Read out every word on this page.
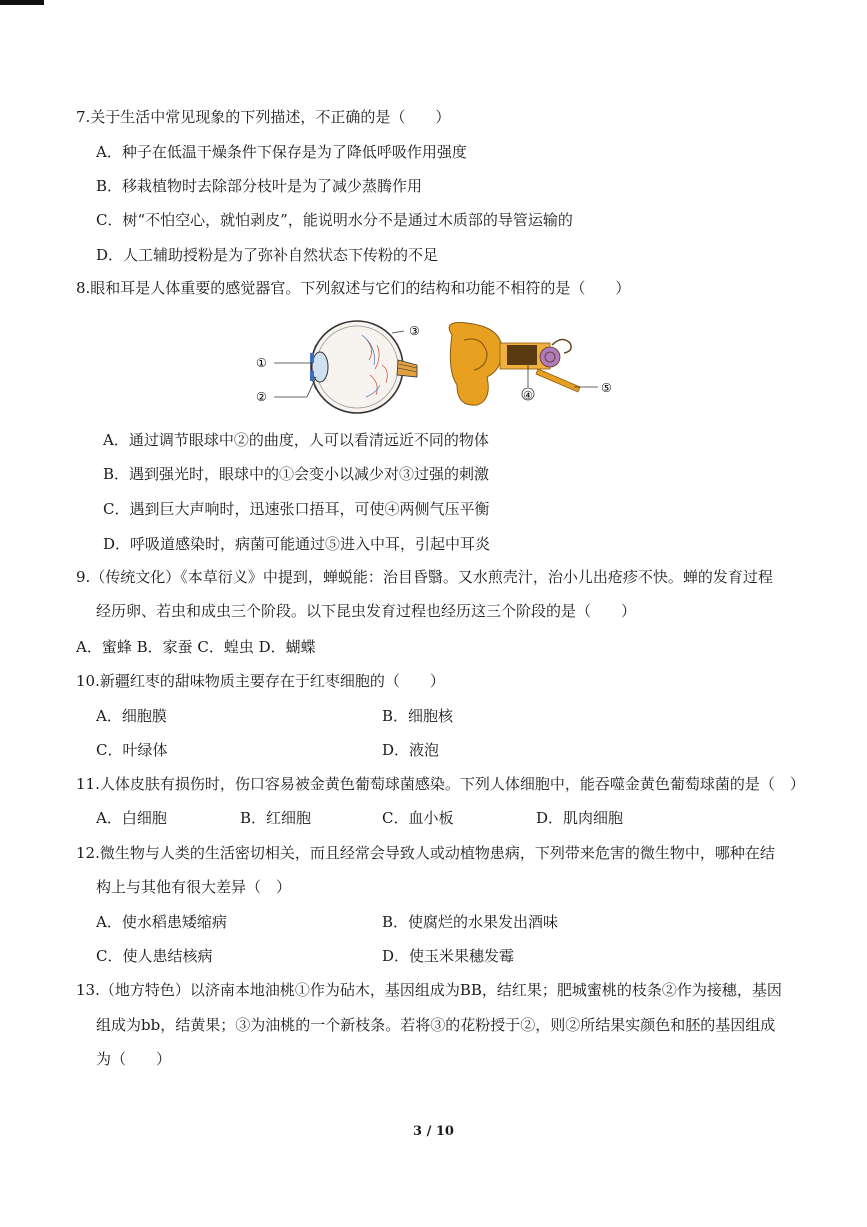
7.关于生活中常见现象的下列描述，不正确的是（　　）
A．种子在低温干燥条件下保存是为了降低呼吸作用强度
B．移栽植物时去除部分枝叶是为了减少蒸腾作用
C．树“不怕空心，就怕剥皮”，能说明水分不是通过木质部的导管运输的
D．人工辅助授粉是为了弥补自然状态下传粉的不足
8.眼和耳是人体重要的感觉器官。下列叙述与它们的结构和功能不相符的是（　　）
③
①
②	④
⑤
A．通过调节眼球中②的曲度，人可以看清远近不同的物体
B．遇到强光时，眼球中的①会变小以减少对③过强的刺激
C．遇到巨大声响时，迅速张口捂耳，可使④两侧气压平衡
D．呼吸道感染时，病菌可能通过⑤进入中耳，引起中耳炎
9.（传统文化）《本草衍义》中提到，蝉蜕能：治目昏翳。又水煎壳汁，治小儿出疮疹不快。蝉的发育过程
经历卵、若虫和成虫三个阶段。以下昆虫发育过程也经历这三个阶段的是（　　）
A．蜜蜂 B．家蚕 C．蝗虫 D．蝴蝶
10.新疆红枣的甜味物质主要存在于红枣细胞的（　　）
A．细胞膜	B．细胞核
C．叶绿体	D．液泡
11.人体皮肤有损伤时，伤口容易被金黄色葡萄球菌感染。下列人体细胞中，能吞噬金黄色葡萄球菌的是（　）
A．白细胞	B．红细胞	C．血小板	D．肌肉细胞
12.微生物与人类的生活密切相关，而且经常会导致人或动植物患病，下列带来危害的微生物中，哪种在结
构上与其他有很大差异（　）
A．使水稻患矮缩病	B．使腐烂的水果发出酒味
C．使人患结核病	D．使玉米果穗发霉
13.（地方特色）以济南本地油桃①作为砧木，基因组成为BB，结红果；肥城蜜桃的枝条②作为接穗，基因
组成为bb，结黄果；③为油桃的一个新枝条。若将③的花粉授于②，则②所结果实颜色和胚的基因组成
为（　　）
3 / 10
